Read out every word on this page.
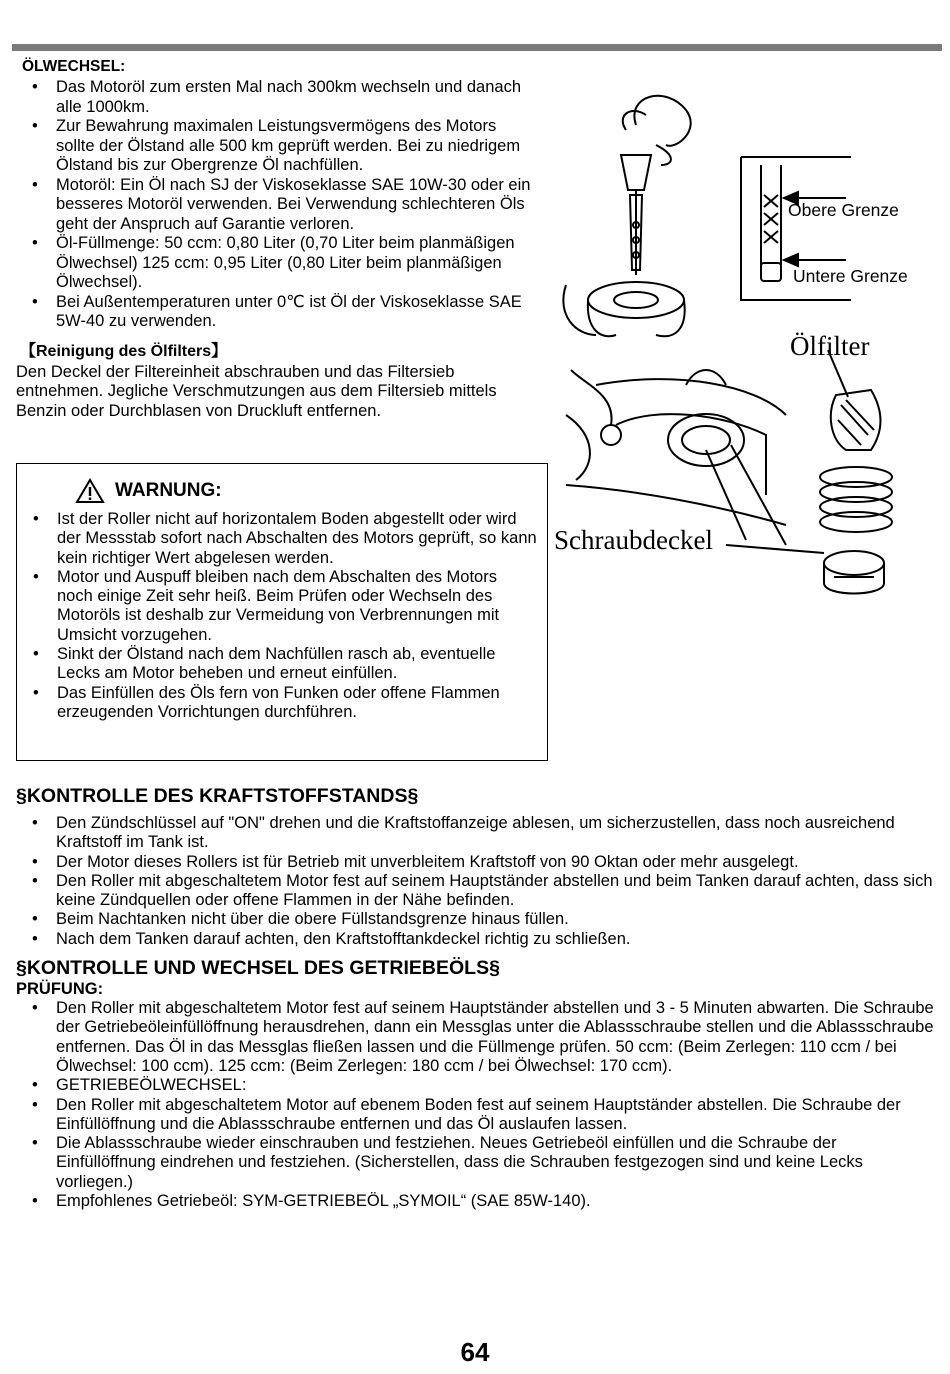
ÖLWECHSEL:
• Das Motoröl zum ersten Mal nach 300km wechseln und danach alle 1000km.
• Zur Bewahrung maximalen Leistungsvermögens des Motors sollte der Ölstand alle 500 km geprüft werden. Bei zu niedrigem Ölstand bis zur Obergrenze Öl nachfüllen.
• Motoröl: Ein Öl nach SJ der Viskoseklasse SAE 10W-30 oder ein besseres Motoröl verwenden. Bei Verwendung schlechteren Öls geht der Anspruch auf Garantie verloren.
• Öl-Füllmenge: 50 ccm: 0,80 Liter (0,70 Liter beim planmäßigen Ölwechsel) 125 ccm: 0,95 Liter (0,80 Liter beim planmäßigen Ölwechsel).
• Bei Außentemperaturen unter 0℃ ist Öl der Viskoseklasse SAE 5W-40 zu verwenden.
【Reinigung des Ölfilters】

Den Deckel der Filtereinheit abschrauben und das Filtersieb entnehmen. Jegliche Verschmutzungen aus dem Filtersieb mittels Benzin oder Durchblasen von Druckluft entfernen.

WARNUNG:
• Ist der Roller nicht auf horizontalem Boden abgestellt oder wird der Messstab sofort nach Abschalten des Motors geprüft, so kann kein richtiger Wert abgelesen werden.
• Motor und Auspuff bleiben nach dem Abschalten des Motors noch einige Zeit sehr heiß. Beim Prüfen oder Wechseln des Motoröls ist deshalb zur Vermeidung von Verbrennungen mit Umsicht vorzugehen.
• Sinkt der Ölstand nach dem Nachfüllen rasch ab, eventuelle Lecks am Motor beheben und erneut einfüllen.
• Das Einfüllen des Öls fern von Funken oder offene Flammen erzeugenden Vorrichtungen durchführen.
Obere Grenze
Untere Grenze
Ölfilter
Schraubdeckel
§KONTROLLE DES KRAFTSTOFFSTANDS§
• Den Zündschlüssel auf "ON" drehen und die Kraftstoffanzeige ablesen, um sicherzustellen, dass noch ausreichend Kraftstoff im Tank ist.
• Der Motor dieses Rollers ist für Betrieb mit unverbleitem Kraftstoff von 90 Oktan oder mehr ausgelegt.
• Den Roller mit abgeschaltetem Motor fest auf seinem Hauptständer abstellen und beim Tanken darauf achten, dass sich keine Zündquellen oder offene Flammen in der Nähe befinden.
• Beim Nachtanken nicht über die obere Füllstandsgrenze hinaus füllen.
• Nach dem Tanken darauf achten, den Kraftstofftankdeckel richtig zu schließen.
§KONTROLLE UND WECHSEL DES GETRIEBEÖLS§
PRÜFUNG:
• Den Roller mit abgeschaltetem Motor fest auf seinem Hauptständer abstellen und 3 - 5 Minuten abwarten. Die Schraube der Getriebeöleinfüllöffnung herausdrehen, dann ein Messglas unter die Ablassschraube stellen und die Ablassschraube entfernen. Das Öl in das Messglas fließen lassen und die Füllmenge prüfen. 50 ccm: (Beim Zerlegen: 110 ccm / bei Ölwechsel: 100 ccm). 125 ccm: (Beim Zerlegen: 180 ccm / bei Ölwechsel: 170 ccm).
• GETRIEBEÖLWECHSEL:
• Den Roller mit abgeschaltetem Motor auf ebenem Boden fest auf seinem Hauptständer abstellen. Die Schraube der Einfüllöffnung und die Ablassschraube entfernen und das Öl auslaufen lassen.
• Die Ablassschraube wieder einschrauben und festziehen. Neues Getriebeöl einfüllen und die Schraube der Einfüllöffnung eindrehen und festziehen. (Sicherstellen, dass die Schrauben festgezogen sind und keine Lecks vorliegen.)
• Empfohlenes Getriebeöl: SYM-GETRIEBEÖL „SYMOIL“ (SAE 85W-140).
64
